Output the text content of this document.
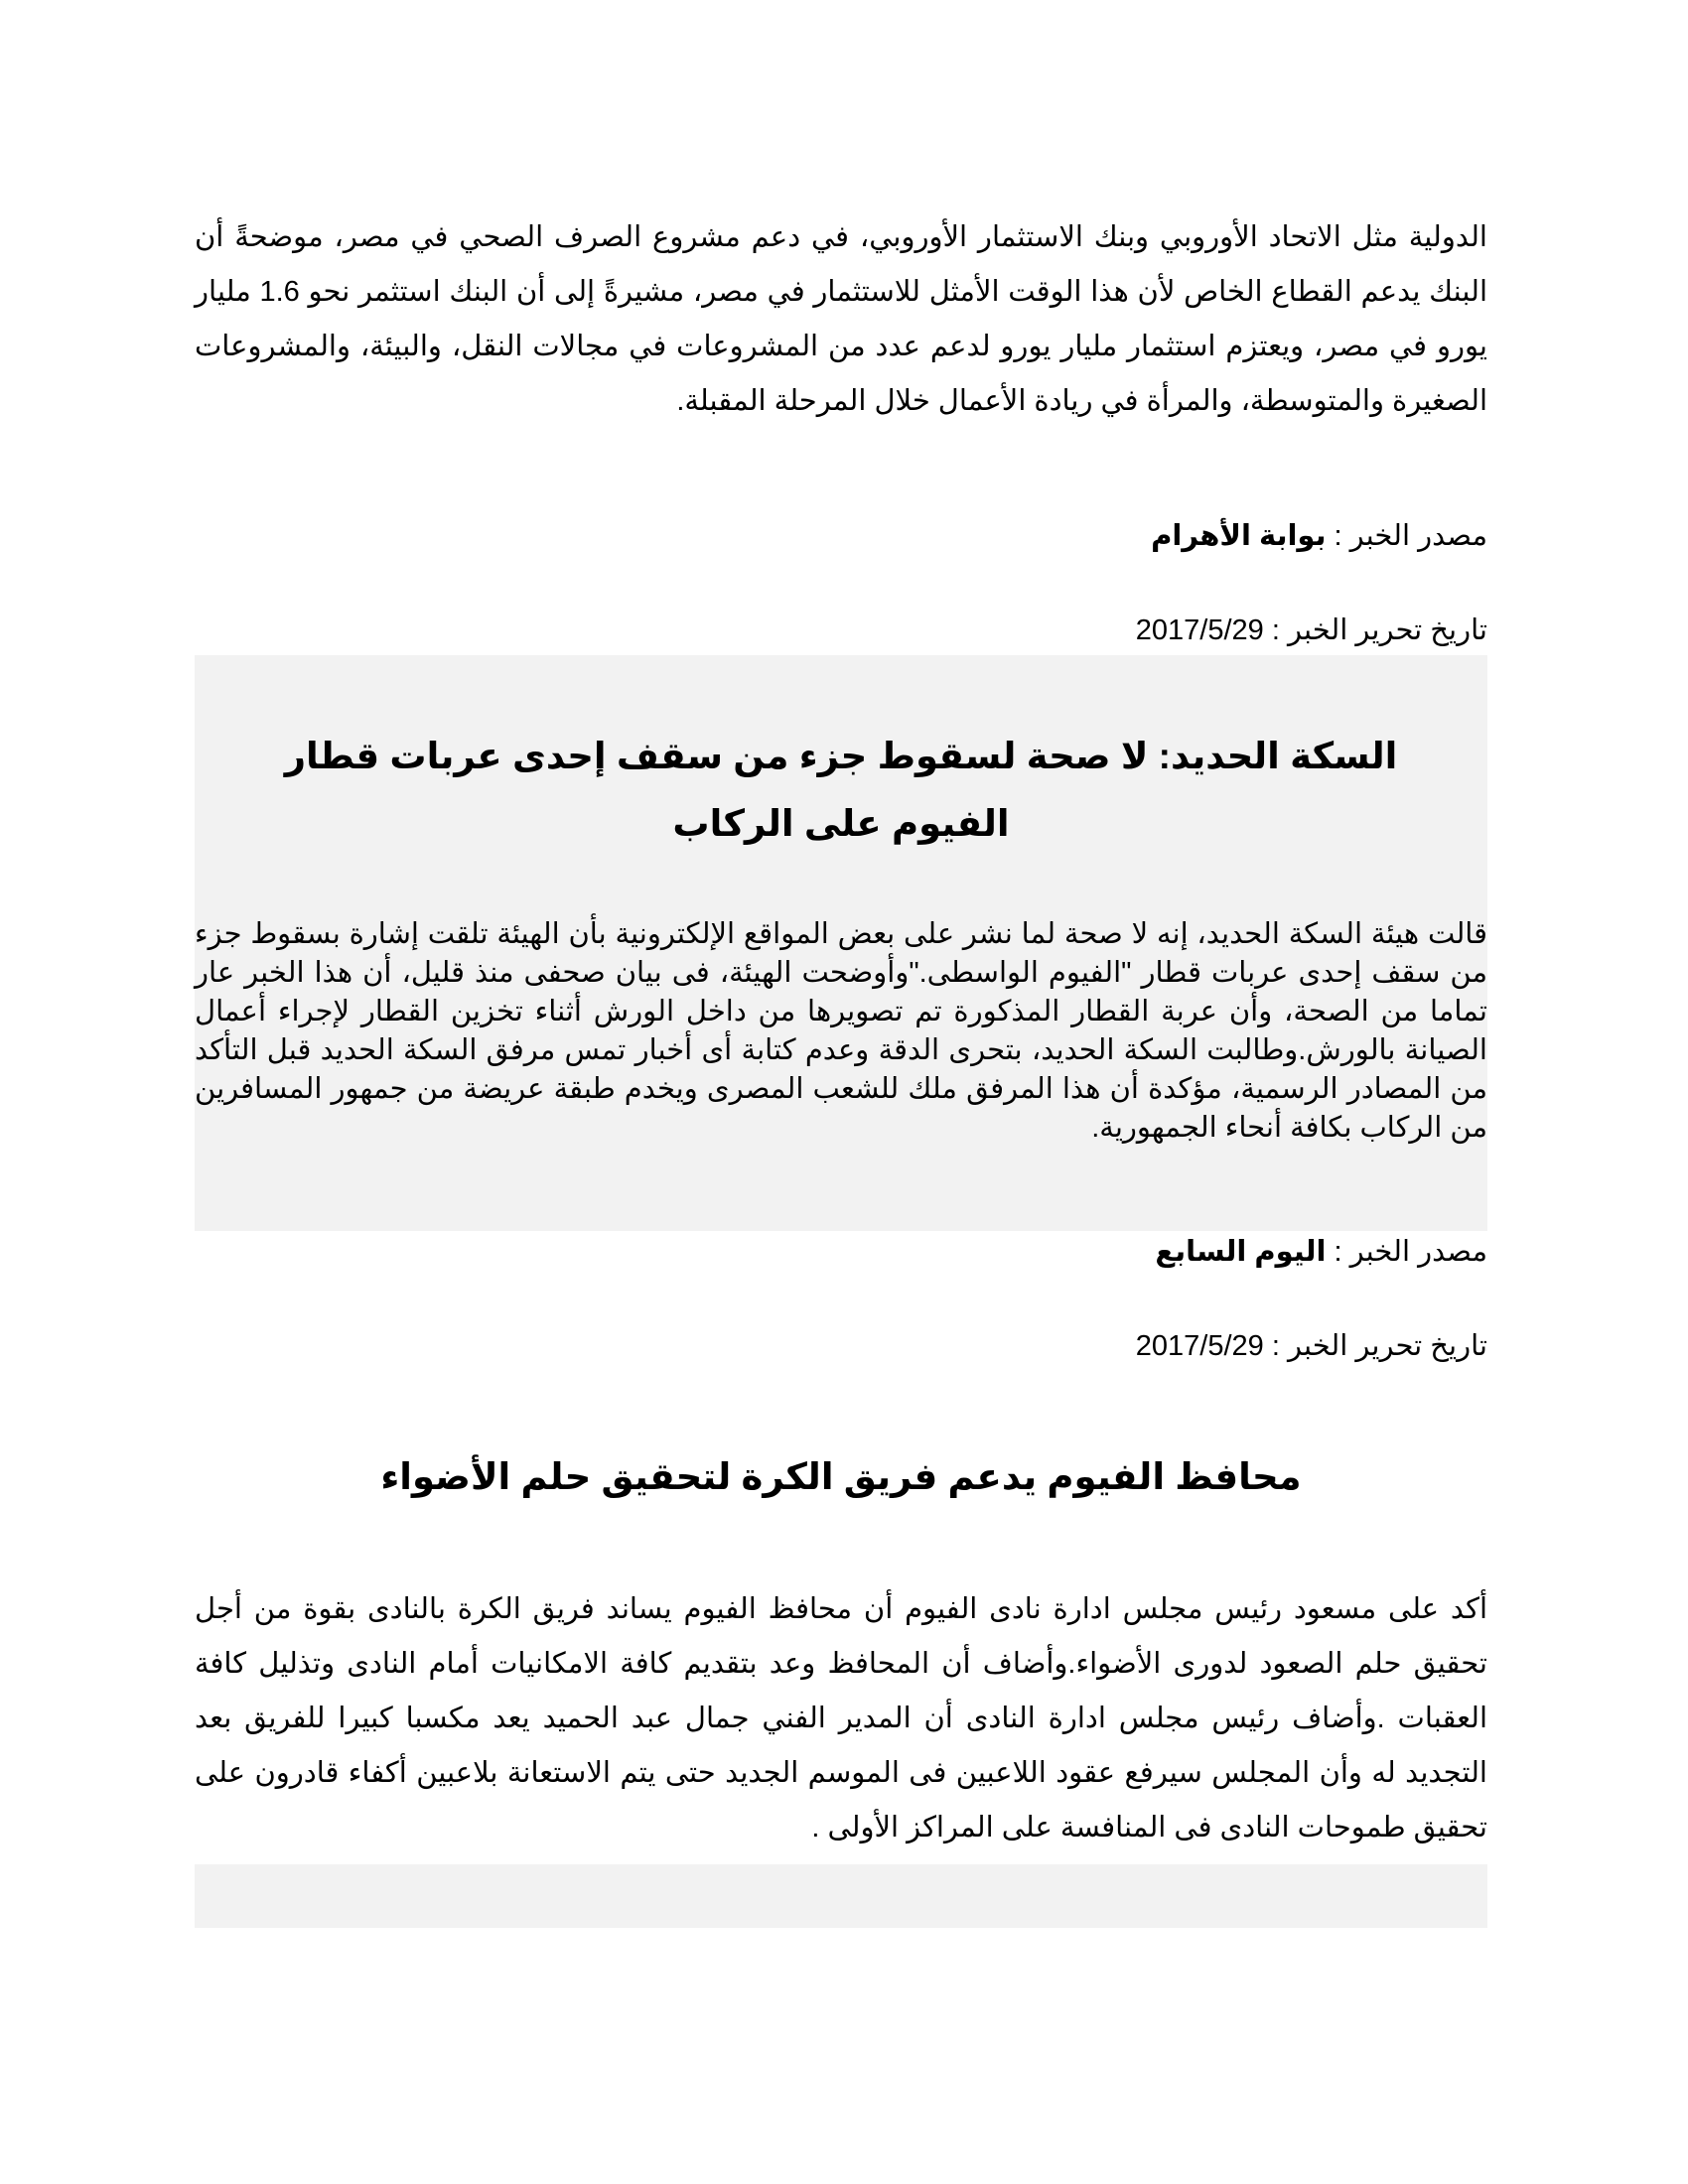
الدولية مثل الاتحاد الأوروبي وبنك الاستثمار الأوروبي، في دعم مشروع الصرف الصحي في مصر، موضحةً أن البنك يدعم القطاع الخاص لأن هذا الوقت الأمثل للاستثمار في مصر، مشيرةً إلى أن البنك استثمر نحو 1.6 مليار يورو في مصر، ويعتزم استثمار مليار يورو لدعم عدد من المشروعات في مجالات النقل، والبيئة، والمشروعات الصغيرة والمتوسطة، والمرأة في ريادة الأعمال خلال المرحلة المقبلة.

مصدر الخبر : بوابة الأهرام

تاريخ تحرير الخبر : 2017/5/29

السكة الحديد: لا صحة لسقوط جزء من سقف إحدى عربات قطار الفيوم على الركاب

قالت هيئة السكة الحديد، إنه لا صحة لما نشر على بعض المواقع الإلكترونية بأن الهيئة تلقت إشارة بسقوط جزء من سقف إحدى عربات قطار "الفيوم الواسطى."وأوضحت الهيئة، فى بيان صحفى منذ قليل، أن هذا الخبر عار تماما من الصحة، وأن عربة القطار المذكورة تم تصويرها من داخل الورش أثناء تخزين القطار لإجراء أعمال الصيانة بالورش.وطالبت السكة الحديد، بتحرى الدقة وعدم كتابة أى أخبار تمس مرفق السكة الحديد قبل التأكد من المصادر الرسمية، مؤكدة أن هذا المرفق ملك للشعب المصرى ويخدم طبقة عريضة من جمهور المسافرين من الركاب بكافة أنحاء الجمهورية.

مصدر الخبر : اليوم السابع

تاريخ تحرير الخبر : 2017/5/29

محافظ الفيوم يدعم فريق الكرة لتحقيق حلم الأضواء

أكد على مسعود رئيس مجلس ادارة نادى الفيوم أن محافظ الفيوم يساند فريق الكرة بالنادى بقوة من أجل تحقيق حلم الصعود لدورى الأضواء.وأضاف أن المحافظ وعد بتقديم كافة الامكانيات أمام النادى وتذليل كافة العقبات .وأضاف رئيس مجلس ادارة النادى أن المدير الفني جمال عبد الحميد يعد مكسبا كبيرا للفريق بعد التجديد له وأن المجلس سيرفع عقود اللاعبين فى الموسم الجديد حتى يتم الاستعانة بلاعبين أكفاء قادرون على تحقيق طموحات النادى فى المنافسة على المراكز الأولى .
